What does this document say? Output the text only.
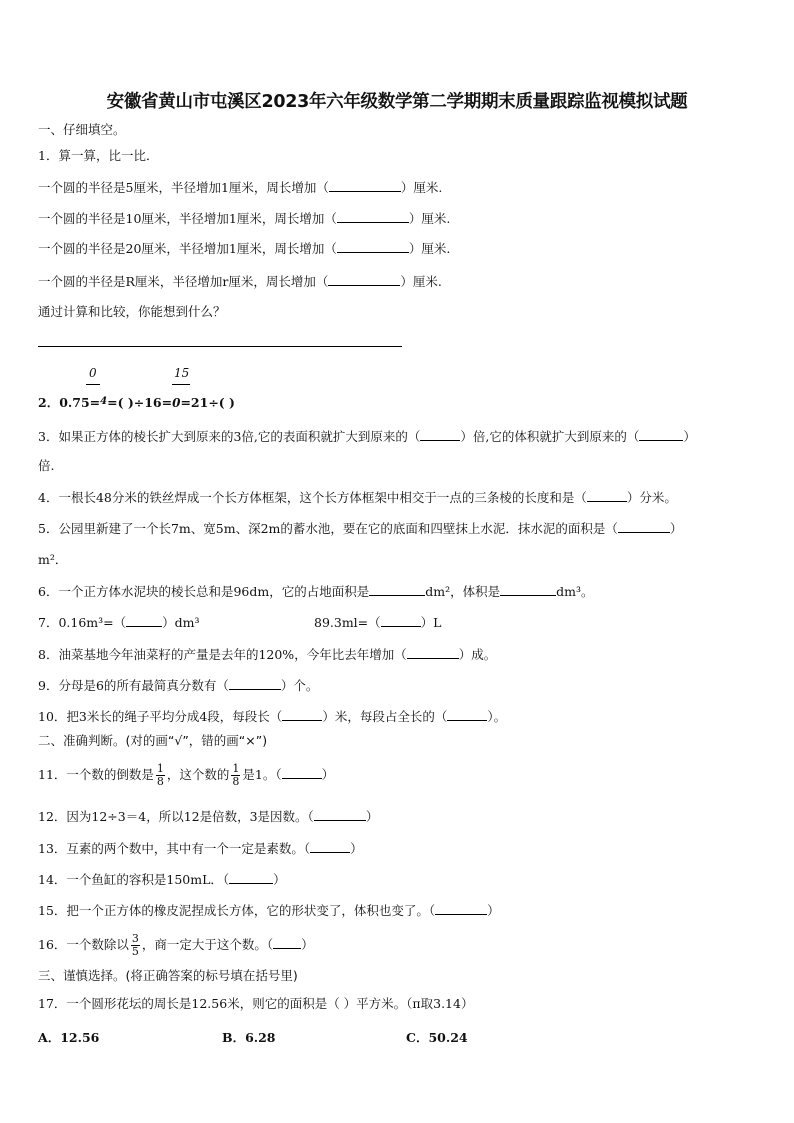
安徽省黄山市屯溪区2023年六年级数学第二学期期末质量跟踪监视模拟试题
一、仔细填空。
1．算一算，比一比．
一个圆的半径是5厘米，半径增加1厘米，周长增加（	）厘米.
一个圆的半径是10厘米，半径增加1厘米，周长增加（	）厘米.
一个圆的半径是20厘米，半径增加1厘米，周长增加（	）厘米.
一个圆的半径是R厘米，半径增加r厘米，周长增加（	）厘米.
通过计算和比较，你能想到什么？
0	15
2．0.75=$^4$=( )÷16=0=21÷( )
3．如果正方体的棱长扩大到原来的3倍,它的表面积就扩大到原来的（	）倍,它的体积就扩大到原来的（	）
倍.
4．一根长48分米的铁丝焊成一个长方体框架，这个长方体框架中相交于一点的三条棱的长度和是（	）分米。
5．公园里新建了一个长7m、宽5m、深2m的蓄水池，要在它的底面和四壁抹上水泥．抹水泥的面积是（	）
m²．
6．一个正方体水泥块的棱长总和是96dm，它的占地面积是	dm²，体积是	dm³。
7．0.16m³=（	）dm³	89.3ml=（	）L
8．油菜基地今年油菜籽的产量是去年的120%，今年比去年增加（	）成。
9．分母是6的所有最简真分数有（	）个。
10．把3米长的绳子平均分成4段，每段长（	）米，每段占全长的（	）。
二、准确判断。(对的画“√”，错的画“×”)
11．一个数的倒数是 $\frac{1}{8}$ ，这个数的 $\frac{1}{8}$ 是1。（	）
12．因为12÷3＝4，所以12是倍数，3是因数。（	）
13．互素的两个数中，其中有一个一定是素数。（	）
14．一个鱼缸的容积是150mL．（	）
15．把一个正方体的橡皮泥捏成长方体，它的形状变了，体积也变了。（	）
16．一个数除以 $\frac{3}{5}$ ，商一定大于这个数。（ ）
三、谨慎选择。(将正确答案的标号填在括号里)
17．一个圆形花坛的周长是12.56米，则它的面积是（ ）平方米。（π取3.14）
A．12.56	B．6.28	C．50.24
